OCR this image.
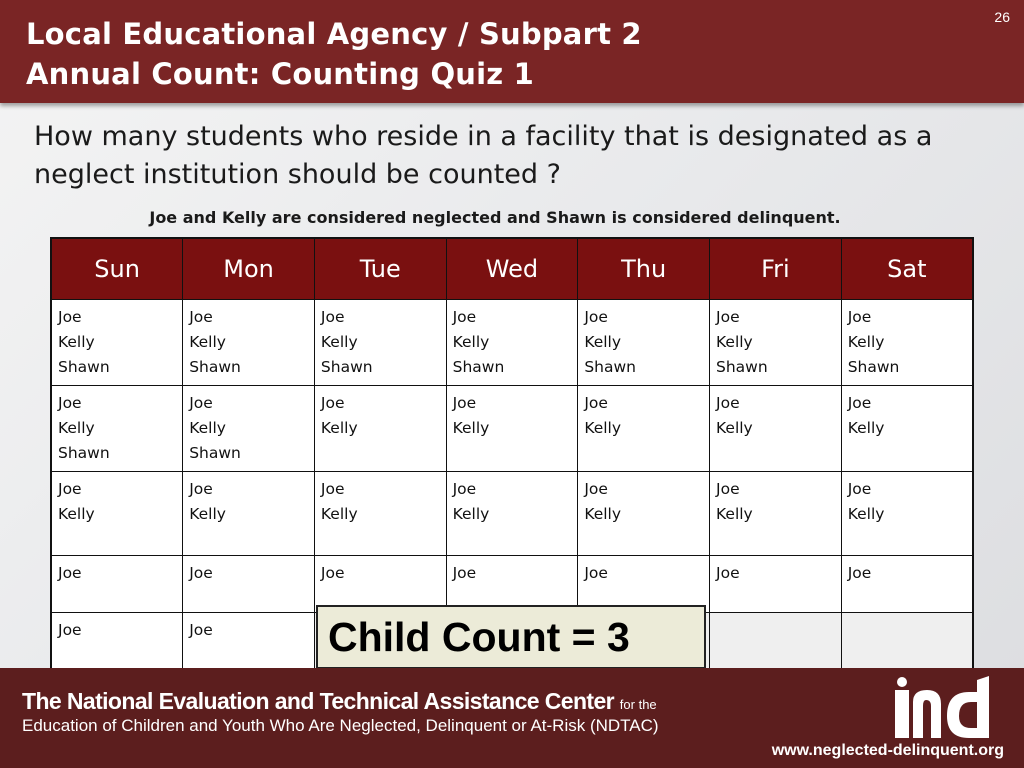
Local Educational Agency / Subpart 2
Annual Count: Counting Quiz 1
26
How many students who reside in a facility that is designated as a neglect institution should be counted ?
Joe and Kelly are considered neglected and Shawn is considered delinquent.
Sun	Mon	Tue	Wed	Thu	Fri	Sat

Joe
Kelly
Shawn	Joe
Kelly
Shawn	Joe
Kelly
Shawn	Joe
Kelly
Shawn	Joe
Kelly
Shawn	Joe
Kelly
Shawn	Joe
Kelly
Shawn

Joe
Kelly
Shawn	Joe
Kelly
Shawn	Joe
Kelly	Joe
Kelly	Joe
Kelly	Joe
Kelly	Joe
Kelly

Joe
Kelly	Joe
Kelly	Joe
Kelly	Joe
Kelly	Joe
Kelly	Joe
Kelly	Joe
Kelly

Joe	Joe	Joe	Joe	Joe	Joe	Joe

Joe	Joe					
						Child Count = 3
The National Evaluation and Technical Assistance Center for the
Education of Children and Youth Who Are Neglected, Delinquent or At-Risk (NDTAC)
www.neglected-delinquent.org
